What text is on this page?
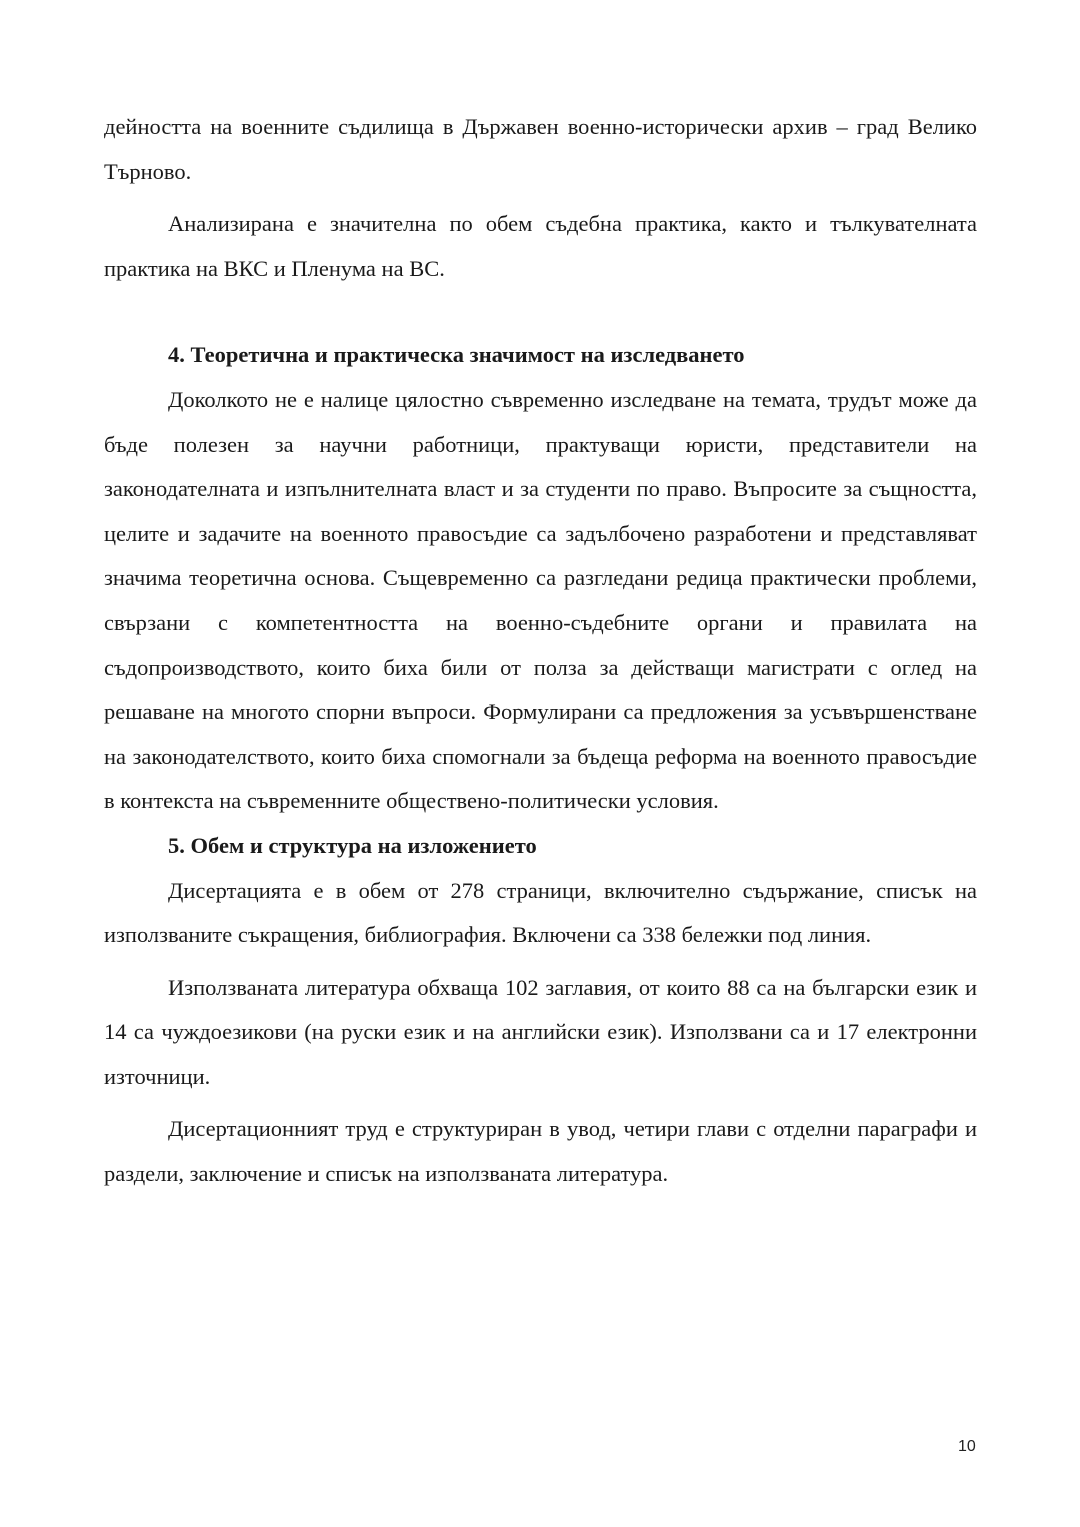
дейността на военните съдилища в Държавен военно-исторически архив – град Велико Търново.

Анализирана е значителна по обем съдебна практика, както и тълкувателната практика на ВКС и Пленума на ВС.

4. Теоретична и практическа значимост на изследването

Доколкото не е налице цялостно съвременно изследване на темата, трудът може да бъде полезен за научни работници, практуващи юристи, представители на законодателната и изпълнителната власт и за студенти по право. Въпросите за същността, целите и задачите на военното правосъдие са задълбочено разработени и представляват значима теоретична основа. Същевременно са разгледани редица практически проблеми, свързани с компетентността на военно-съдебните органи и правилата на съдопроизводството, които биха били от полза за действащи магистрати с оглед на решаване на многото спорни въпроси. Формулирани са предложения за усъвършенстване на законодателството, които биха спомогнали за бъдеща реформа на военното правосъдие в контекста на съвременните обществено-политически условия.

5. Обем и структура на изложението

Дисертацията е в обем от 278 страници, включително съдържание, списък на използваните съкращения, библиография. Включени са 338 бележки под линия.

Използваната литература обхваща 102 заглавия, от които 88 са на български език и 14 са чуждоезикови (на руски език и на английски език). Използвани са и 17 електронни източници.

Дисертационният труд е структуриран в увод, четири глави с отделни параграфи и раздели, заключение и списък на използваната литература.

10
